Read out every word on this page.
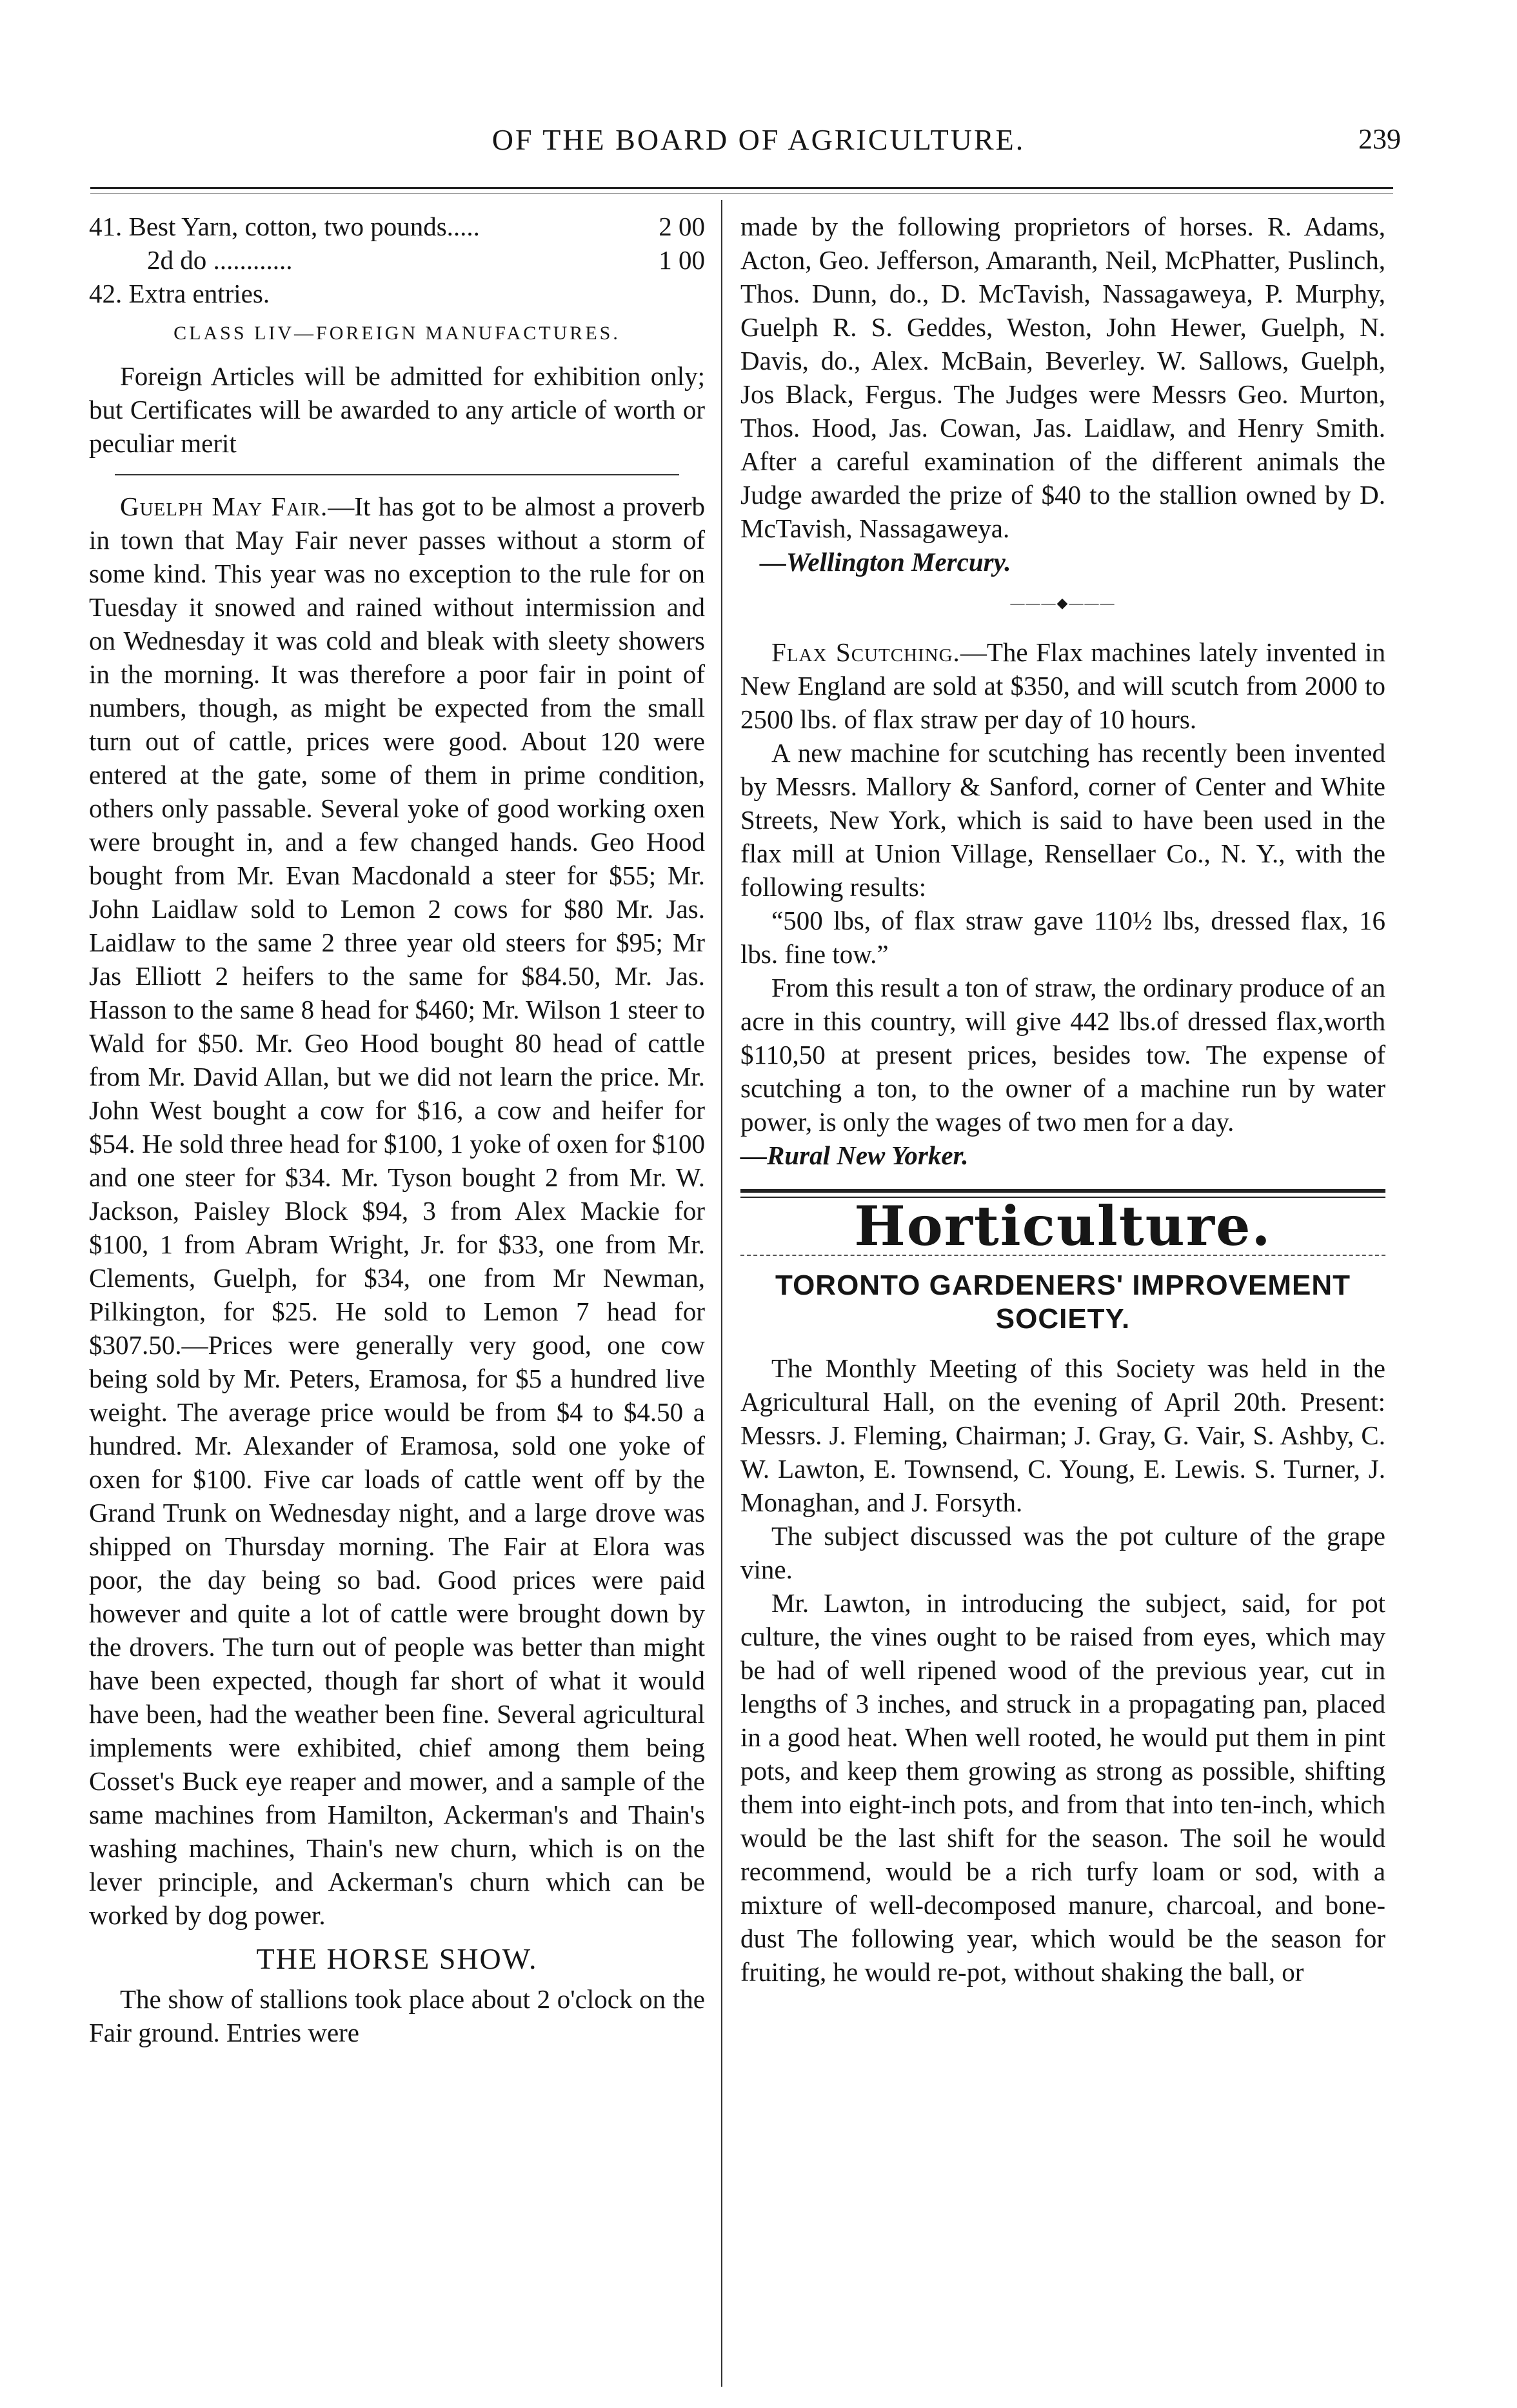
OF THE BOARD OF AGRICULTURE.	239
41. Best Yarn, cotton, two pounds.....	2 00
2d do ............	1 00

42. Extra entries.

CLASS LIV—FOREIGN MANUFACTURES.

Foreign Articles will be admitted for exhibition only; but Certificates will be awarded to any article of worth or peculiar merit

Guelph May Fair.—It has got to be almost a proverb in town that May Fair never passes without a storm of some kind. This year was no exception to the rule for on Tuesday it snowed and rained without intermission and on Wednesday it was cold and bleak with sleety showers in the morning. It was therefore a poor fair in point of numbers, though, as might be expected from the small turn out of cattle, prices were good. About 120 were entered at the gate, some of them in prime condition, others only passable. Several yoke of good working oxen were brought in, and a few changed hands. Geo Hood bought from Mr. Evan Macdonald a steer for $55; Mr. John Laidlaw sold to Lemon 2 cows for $80 Mr. Jas. Laidlaw to the same 2 three year old steers for $95; Mr Jas Elliott 2 heifers to the same for $84.50, Mr. Jas. Hasson to the same 8 head for $460; Mr. Wilson 1 steer to Wald for $50. Mr. Geo Hood bought 80 head of cattle from Mr. David Allan, but we did not learn the price. Mr. John West bought a cow for $16, a cow and heifer for $54. He sold three head for $100, 1 yoke of oxen for $100 and one steer for $34. Mr. Tyson bought 2 from Mr. W. Jackson, Paisley Block $94, 3 from Alex Mackie for $100, 1 from Abram Wright, Jr. for $33, one from Mr. Clements, Guelph, for $34, one from Mr Newman, Pilkington, for $25. He sold to Lemon 7 head for $307.50.—Prices were generally very good, one cow being sold by Mr. Peters, Eramosa, for $5 a hundred live weight. The average price would be from $4 to $4.50 a hundred. Mr. Alexander of Eramosa, sold one yoke of oxen for $100. Five car loads of cattle went off by the Grand Trunk on Wednesday night, and a large drove was shipped on Thursday morning. The Fair at Elora was poor, the day being so bad. Good prices were paid however and quite a lot of cattle were brought down by the drovers. The turn out of people was better than might have been expected, though far short of what it would have been, had the weather been fine. Several agricultural implements were exhibited, chief among them being Cosset's Buck eye reaper and mower, and a sample of the same machines from Hamilton, Ackerman's and Thain's washing machines, Thain's new churn, which is on the lever principle, and Ackerman's churn which can be worked by dog power.

THE HORSE SHOW.

The show of stallions took place about 2 o'clock on the Fair ground. Entries were

made by the following proprietors of horses. R. Adams, Acton, Geo. Jefferson, Amaranth, Neil, McPhatter, Puslinch, Thos. Dunn, do., D. McTavish, Nassagaweya, P. Murphy, Guelph R. S. Geddes, Weston, John Hewer, Guelph, N. Davis, do., Alex. McBain, Beverley. W. Sallows, Guelph, Jos Black, Fergus. The Judges were Messrs Geo. Murton, Thos. Hood, Jas. Cowan, Jas. Laidlaw, and Henry Smith. After a careful examination of the different animals the Judge awarded the prize of $40 to the stallion owned by D. McTavish, Nassagaweya.

—Wellington Mercury.

———◆———

Flax Scutching.—The Flax machines lately invented in New England are sold at $350, and will scutch from 2000 to 2500 lbs. of flax straw per day of 10 hours.

A new machine for scutching has recently been invented by Messrs. Mallory & Sanford, corner of Center and White Streets, New York, which is said to have been used in the flax mill at Union Village, Rensellaer Co., N. Y., with the following results:

“500 lbs, of flax straw gave 110½ lbs, dressed flax, 16 lbs. fine tow.”

From this result a ton of straw, the ordinary produce of an acre in this country, will give 442 lbs.of dressed flax,worth $110,50 at present prices, besides tow. The expense of scutching a ton, to the owner of a machine run by water power, is only the wages of two men for a day.

—Rural New Yorker.

Horticulture.
TORONTO GARDENERS' IMPROVEMENT SOCIETY.

The Monthly Meeting of this Society was held in the Agricultural Hall, on the evening of April 20th. Present: Messrs. J. Fleming, Chairman; J. Gray, G. Vair, S. Ashby, C. W. Lawton, E. Townsend, C. Young, E. Lewis. S. Turner, J. Monaghan, and J. Forsyth.

The subject discussed was the pot culture of the grape vine.

Mr. Lawton, in introducing the subject, said, for pot culture, the vines ought to be raised from eyes, which may be had of well ripened wood of the previous year, cut in lengths of 3 inches, and struck in a propagating pan, placed in a good heat. When well rooted, he would put them in pint pots, and keep them growing as strong as possible, shifting them into eight-inch pots, and from that into ten-inch, which would be the last shift for the season. The soil he would recommend, would be a rich turfy loam or sod, with a mixture of well-decomposed manure, charcoal, and bone-dust The following year, which would be the season for fruiting, he would re-pot, without shaking the ball, or
